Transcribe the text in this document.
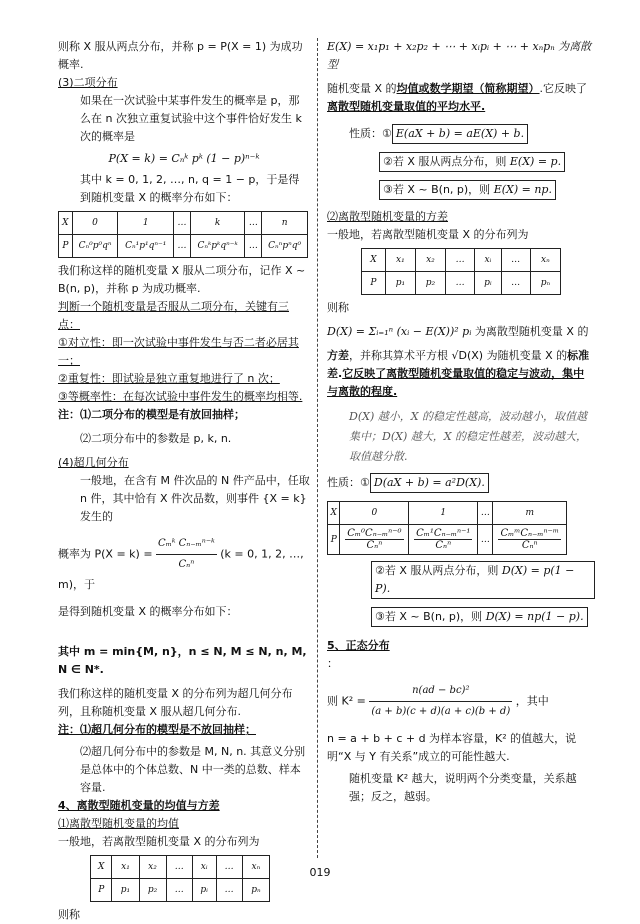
则称 X 服从两点分布，并称 p = P(X = 1) 为成功概率.

(3)二项分布

如果在一次试验中某事件发生的概率是 p，那么在 n 次独立重复试验中这个事件恰好发生 k 次的概率是

P(X = k) = Cₙᵏ pᵏ (1 − p)ⁿ⁻ᵏ

其中 k = 0, 1, 2, …, n, q = 1 − p，于是得到随机变量 X 的概率分布如下：

X	0	1	…	k	…	n
P	Cₙ⁰p⁰qⁿ	Cₙ¹p¹qⁿ⁻¹	…	Cₙᵏpᵏqⁿ⁻ᵏ	…	Cₙⁿpⁿq⁰

我们称这样的随机变量 X 服从二项分布，记作 X ~ B(n, p)，并称 p 为成功概率.

判断一个随机变量是否服从二项分布，关键有三点：

①对立性：即一次试验中事件发生与否二者必居其一；

②重复性：即试验是独立重复地进行了 n 次；

③等概率性：在每次试验中事件发生的概率均相等.

注：⑴二项分布的模型是有放回抽样；

⑵二项分布中的参数是 p, k, n.

(4)超几何分布

一般地，在含有 M 件次品的 N 件产品中，任取 n 件，其中恰有 X 件次品数，则事件 {X = k} 发生的

概率为 $P(X = k) = \frac{\text{Cₘᵏ Cₙ₋ₘⁿ⁻ᵏ}}{\text{Cₙⁿ}} (k = 0$, 1, 2, …, m)，于

是得到随机变量 X 的概率分布如下：

其中 m = min{M, n}，n ≤ N, M ≤ N, n, M, N ∈ N*.

我们称这样的随机变量 X 的分布列为超几何分布列，且称随机变量 X 服从超几何分布.

注：⑴超几何分布的模型是不放回抽样；

⑵超几何分布中的参数是 M, N, n. 其意义分别是总体中的个体总数、N 中一类的总数、样本容量.

4、离散型随机变量的均值与方差

⑴离散型随机变量的均值

一般地，若离散型随机变量 X 的分布列为

X	x₁	x₂	…	xᵢ	…	xₙ
P	p₁	p₂	…	pᵢ	…	pₙ

则称

E(X) = x₁p₁ + x₂p₂ + ⋯ + xᵢpᵢ + ⋯ + xₙpₙ 为离散型

随机变量 X 的均值或数学期望（简称期望）.它反映了

离散型随机变量取值的平均水平.

性质：① E(aX + b) = aE(X) + b.

②若 X 服从两点分布，则 E(X) = p.

③若 X ~ B(n, p)，则 E(X) = np.

⑵离散型随机变量的方差

一般地，若离散型随机变量 X 的分布列为

X	x₁	x₂	…	xᵢ	…	xₙ
P	p₁	p₂	…	pᵢ	…	pₙ

则称

D(X) = Σᵢ₌₁ⁿ (xᵢ − E(X))² pᵢ 为离散型随机变量 X 的

方差，并称其算术平方根 √D(X) 为随机变量 X 的标准差.它反映了离散型随机变量取值的稳定与波动，集中与离散的程度.

D(X) 越小，X 的稳定性越高，波动越小，取值越集中；D(X) 越大，X 的稳定性越差，波动越大，取值越分散.

性质：① D(aX + b) = a²D(X).

X	0	1	…	m
P	$\frac{\text{Cₘ⁰Cₙ₋ₘⁿ⁻⁰}}{\text{Cₙⁿ}}$	$\frac{\text{Cₘ¹Cₙ₋ₘⁿ⁻¹}}{\text{Cₙⁿ}}$	…	$\frac{\text{CₘᵐCₙ₋ₘⁿ⁻ᵐ}}{\text{Cₙⁿ}}$

②若 X 服从两点分布，则 D(X) = p(1 − P).

③若 X ~ B(n, p)，则 D(X) = np(1 − p).

5、正态分布

：

则 $K^2 = \frac{\text{n(ad − bc)²}}{(a + b)(c + d)(a + c)(b + d)}$ ，其中

n = a + b + c + d 为样本容量，K² 的值越大，说明“X 与 Y 有关系”成立的可能性越大.

随机变量 K² 越大，说明两个分类变量，关系越强；反之，越弱。

019
